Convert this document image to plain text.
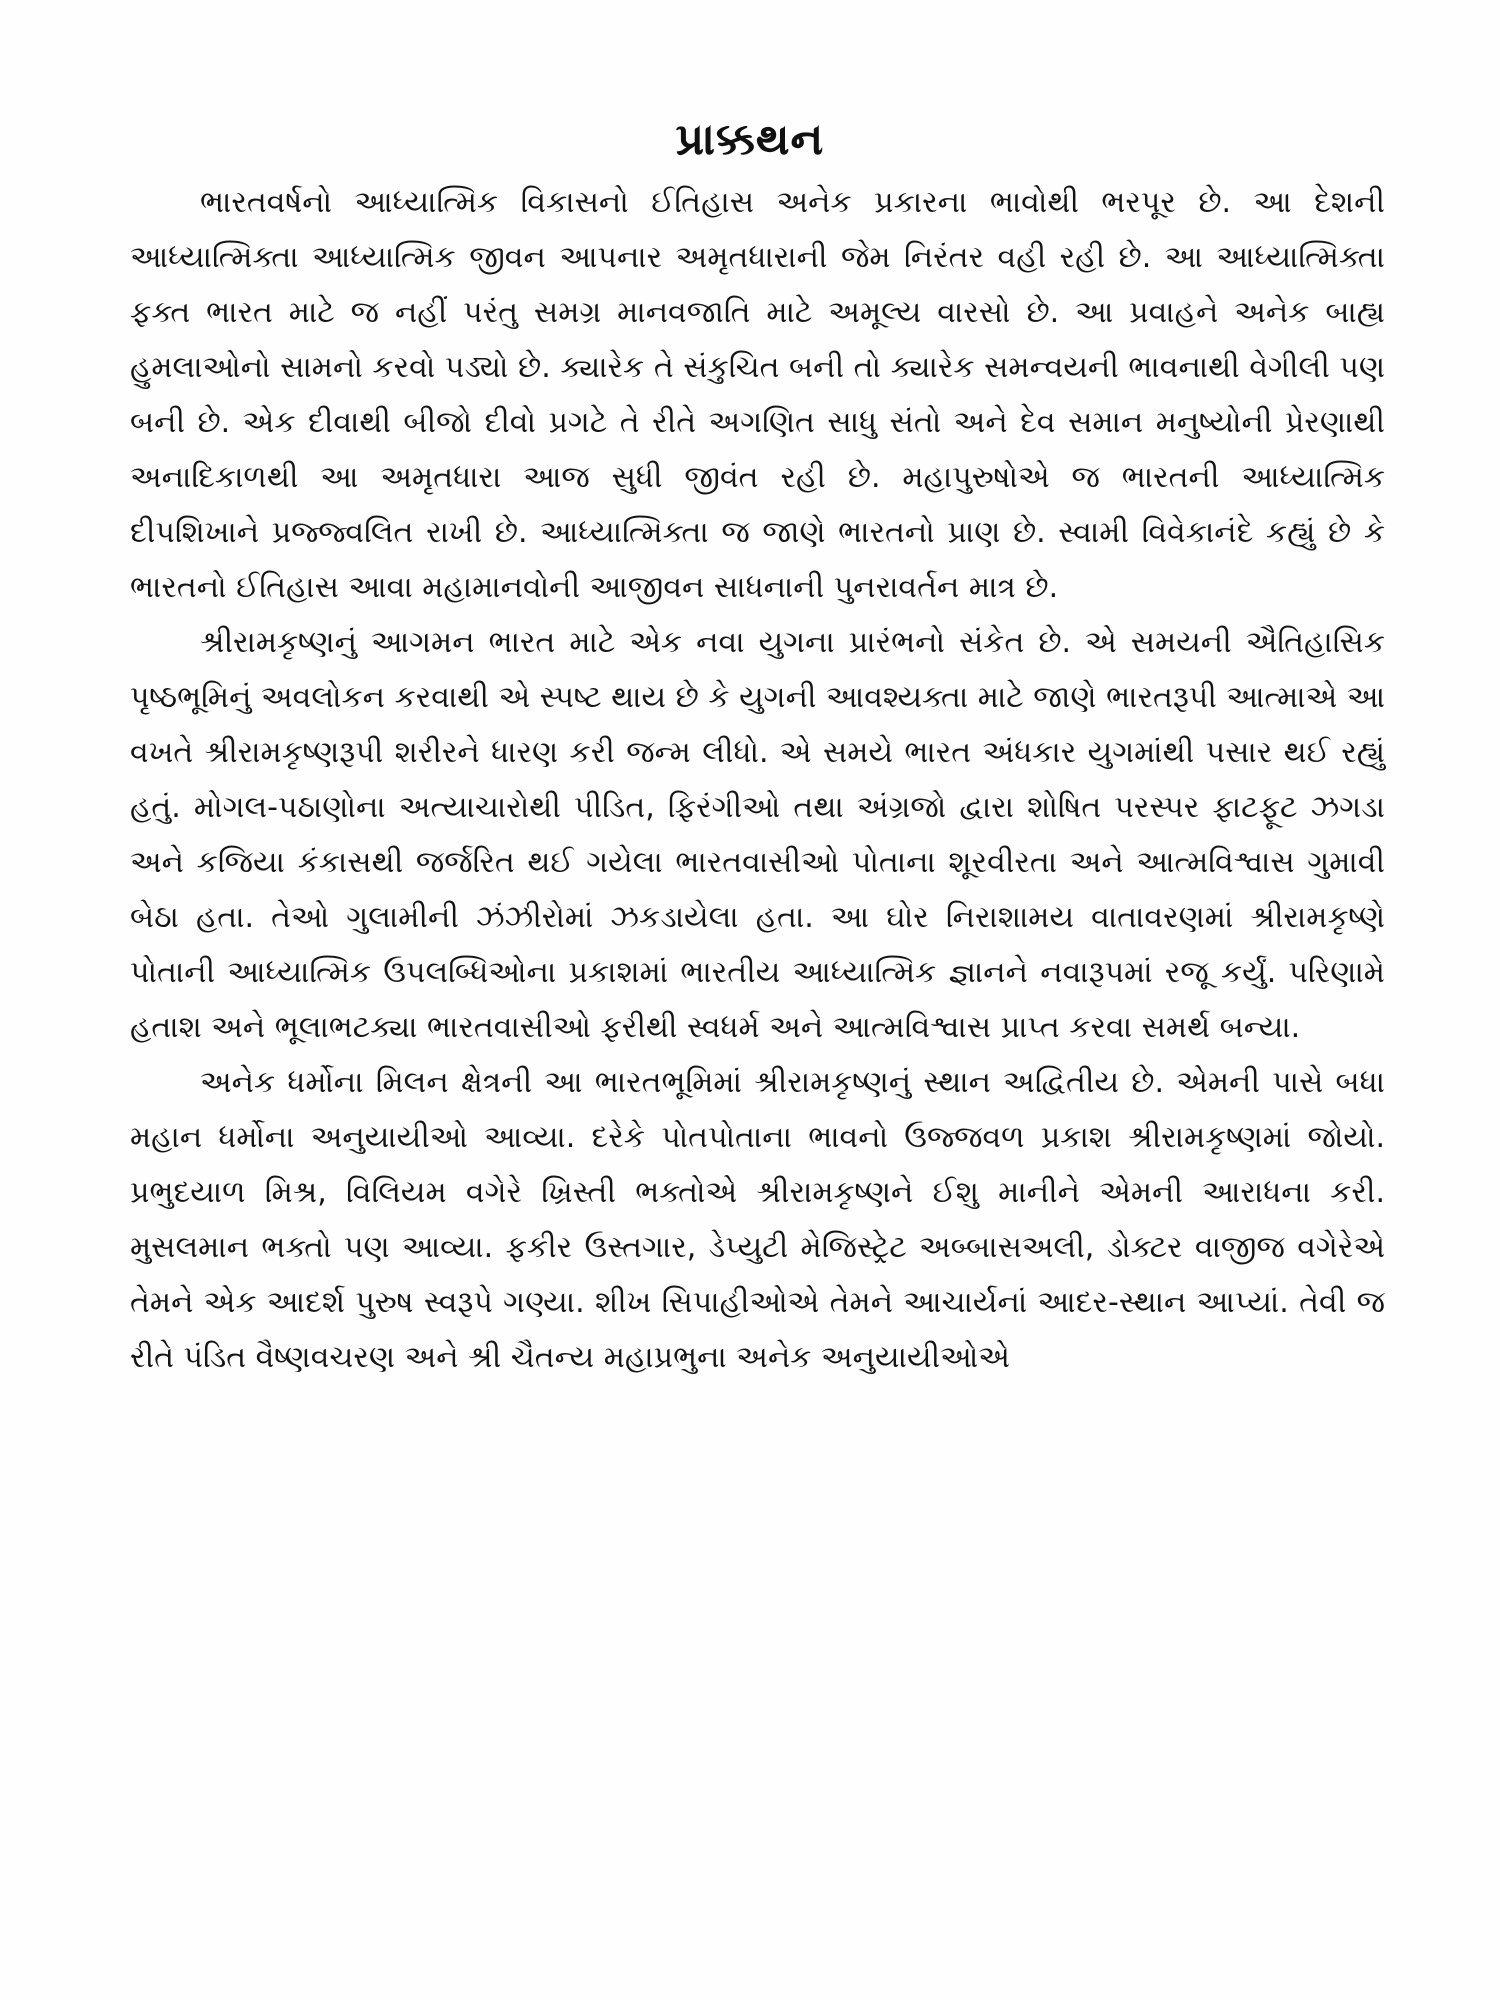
પ્રાક્કથન

ભારતવર્ષનો આધ્યાત્મિક વિકાસનો ઈતિહાસ અનેક પ્રકારના ભાવોથી ભરપૂર છે. આ દેશની આધ્યાત્મિક્તા આધ્યાત્મિક જીવન આપનાર અમૃતધારાની જેમ નિરંતર વહી રહી છે. આ આધ્યાત્મિક્તા ફક્ત ભારત માટે જ નહીં પરંતુ સમગ્ર માનવજાતિ માટે અમૂલ્ય વારસો છે. આ પ્રવાહને અનેક બાહ્ય હુમલાઓનો સામનો કરવો પડ્યો છે. ક્યારેક તે સંકુચિત બની તો ક્યારેક સમન્વયની ભાવનાથી વેગીલી પણ બની છે. એક દીવાથી બીજો દીવો પ્રગટે તે રીતે અગણિત સાધુ સંતો અને દેવ સમાન મનુષ્યોની પ્રેરણાથી અનાદિકાળથી આ અમૃતધારા આજ સુધી જીવંત રહી છે. મહાપુરુષોએ જ ભારતની આધ્યાત્મિક દીપશિખાને પ્રજ્જ્વલિત રાખી છે. આધ્યાત્મિક્તા જ જાણે ભારતનો પ્રાણ છે. સ્વામી વિવેકાનંદે કહ્યું છે કે ભારતનો ઈતિહાસ આવા મહામાનવોની આજીવન સાધનાની પુનરાવર્તન માત્ર છે.

શ્રીરામકૃષ્ણનું આગમન ભારત માટે એક નવા યુગના પ્રારંભનો સંકેત છે. એ સમયની ઐતિહાસિક પૃષ્ઠભૂમિનું અવલોકન કરવાથી એ સ્પષ્ટ થાય છે કે યુગની આવશ્યક્તા માટે જાણે ભારતરૂપી આત્માએ આ વખતે શ્રીરામકૃષ્ણરૂપી શરીરને ધારણ કરી જન્મ લીધો. એ સમયે ભારત અંધકાર યુગમાંથી પસાર થઈ રહ્યું હતું. મોગલ-પઠાણોના અત્યાચારોથી પીડિત, ફિરંગીઓ તથા અંગ્રજો દ્વારા શોષિત પરસ્પર ફાટફૂટ ઝગડા અને કજિયા કંકાસથી જર્જરિત થઈ ગયેલા ભારતવાસીઓ પોતાના શૂરવીરતા અને આત્મવિશ્વાસ ગુમાવી બેઠા હતા. તેઓ ગુલામીની ઝંઝીરોમાં ઝકડાયેલા હતા. આ ઘોર નિરાશામય વાતાવરણમાં શ્રીરામકૃષ્ણે પોતાની આધ્યાત્મિક ઉપલબ્ધિઓના પ્રકાશમાં ભારતીય આધ્યાત્મિક જ્ઞાનને નવારૂપમાં રજૂ કર્યું. પરિણામે હતાશ અને ભૂલાભટક્યા ભારતવાસીઓ ફરીથી સ્વધર્મ અને આત્મવિશ્વાસ પ્રાપ્ત કરવા સમર્થ બન્યા.

અનેક ધર્મોના મિલન ક્ષેત્રની આ ભારતભૂમિમાં શ્રીરામકૃષ્ણનું સ્થાન અદ્વિતીય છે. એમની પાસે બધા મહાન ધર્મોના અનુયાયીઓ આવ્યા. દરેકે પોતપોતાના ભાવનો ઉજ્જવળ પ્રકાશ શ્રીરામકૃષ્ણમાં જોયો. પ્રભુદયાળ મિશ્ર, વિલિયમ વગેરે ખ્રિસ્તી ભક્તોએ શ્રીરામકૃષ્ણને ઈશુ માનીને એમની આરાધના કરી. મુસલમાન ભક્તો પણ આવ્યા. ફકીર ઉસ્તગાર, ડેપ્યુટી મેજિસ્ટ્રેટ અબ્બાસઅલી, ડોક્ટર વાજીજ વગેરેએ તેમને એક આદર્શ પુરુષ સ્વરૂપે ગણ્યા. શીખ સિપાહીઓએ તેમને આચાર્યનાં આદર-સ્થાન આપ્યાં. તેવી જ રીતે પંડિત વૈષ્ણવચરણ અને શ્રી ચૈતન્ય મહાપ્રભુના અનેક અનુયાયીઓએ
